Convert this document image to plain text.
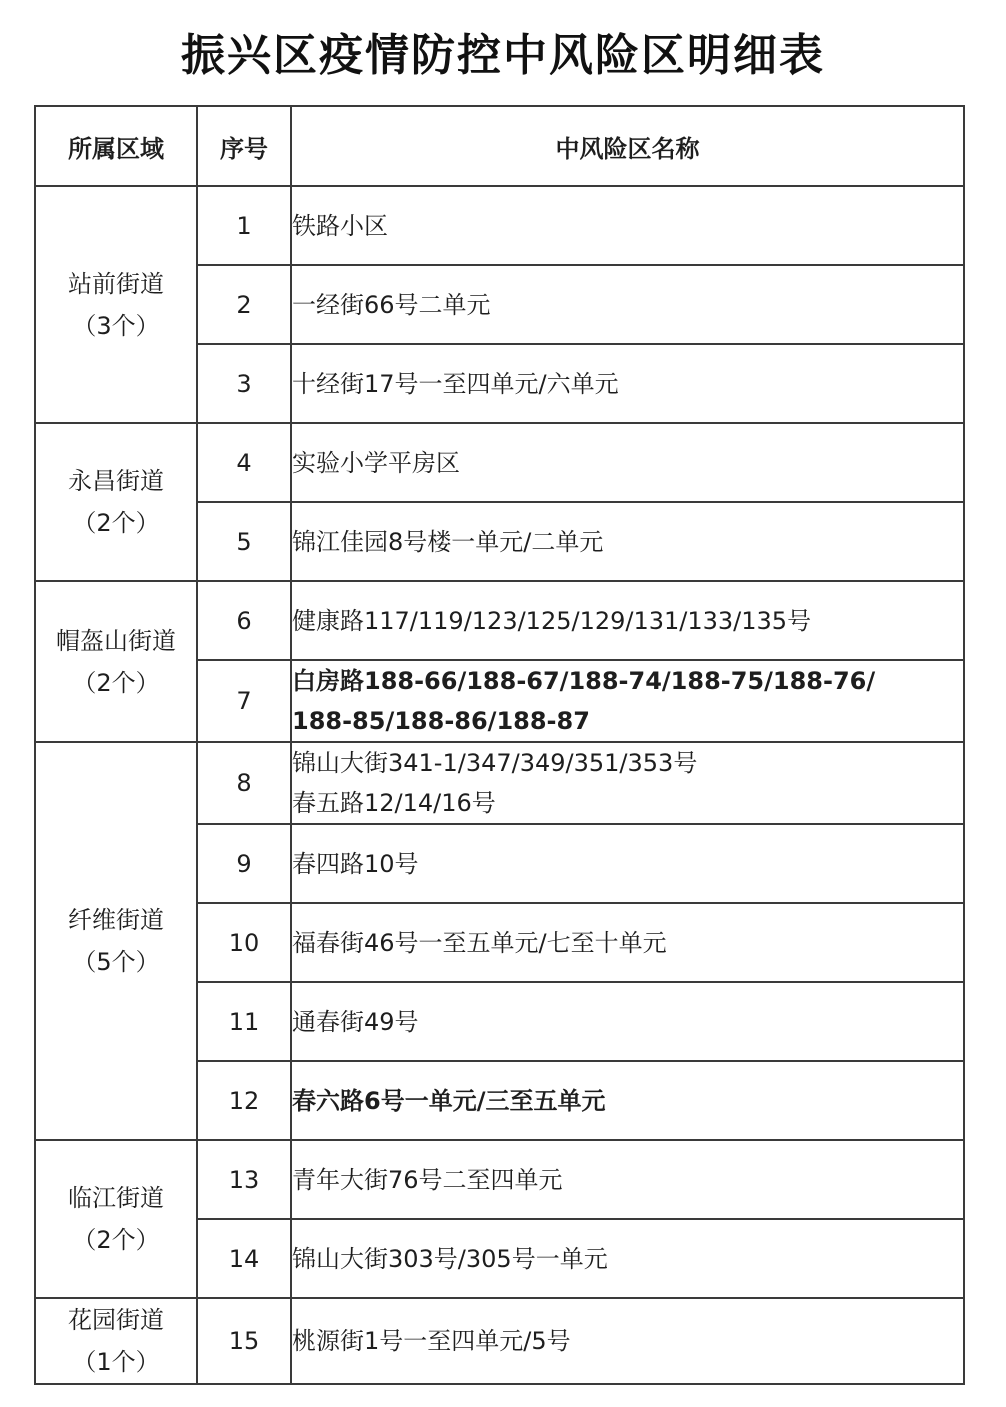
振兴区疫情防控中风险区明细表
所属区域	序号	中风险区名称

站前街道
（3个）	1	铁路小区

	2	一经街66号二单元

	3	十经街17号一至四单元/六单元

永昌街道
（2个）	4	实验小学平房区

	5	锦江佳园8号楼一单元/二单元

帽盔山街道
（2个）	6	健康路117/119/123/125/129/131/133/135号

	7	白房路188-66/188-67/188-74/188-75/188-76/
188-85/188-86/188-87

纤维街道
（5个）	8	锦山大街341-1/347/349/351/353号
春五路12/14/16号

	9	春四路10号

	10	福春街46号一至五单元/七至十单元

	11	通春街49号

	12	春六路6号一单元/三至五单元

临江街道
（2个）	13	青年大街76号二至四单元

	14	锦山大街303号/305号一单元

花园街道
（1个）	15	桃源街1号一至四单元/5号
